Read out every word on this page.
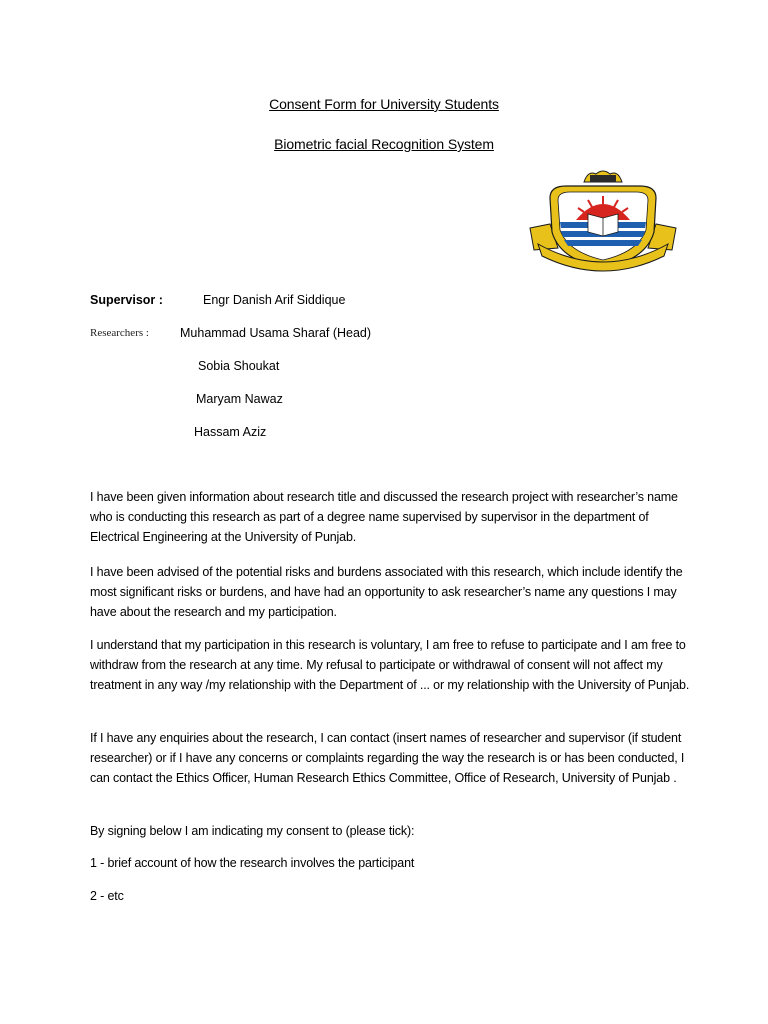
Consent Form for University Students
Biometric facial Recognition System
Supervisor :	Engr Danish Arif Siddique
Researchers : Muhammad Usama Sharaf (Head)
Sobia Shoukat
Maryam Nawaz
Hassam Aziz
I have been given information about research title and discussed the research project with researcher’s name who is conducting this research as part of a degree name supervised by supervisor in the department of Electrical Engineering at the University of Punjab.
I have been advised of the potential risks and burdens associated with this research, which include identify the most significant risks or burdens, and have had an opportunity to ask researcher’s name any questions I may have about the research and my participation.
I understand that my participation in this research is voluntary, I am free to refuse to participate and I am free to withdraw from the research at any time. My refusal to participate or withdrawal of consent will not affect my treatment in any way /my relationship with the Department of ... or my relationship with the University of Punjab.
If I have any enquiries about the research, I can contact (insert names of researcher and supervisor (if student researcher) or if I have any concerns or complaints regarding the way the research is or has been conducted, I can contact the Ethics Officer, Human Research Ethics Committee, Office of Research, University of Punjab .
By signing below I am indicating my consent to (please tick):
1 - brief account of how the research involves the participant
2 - etc
